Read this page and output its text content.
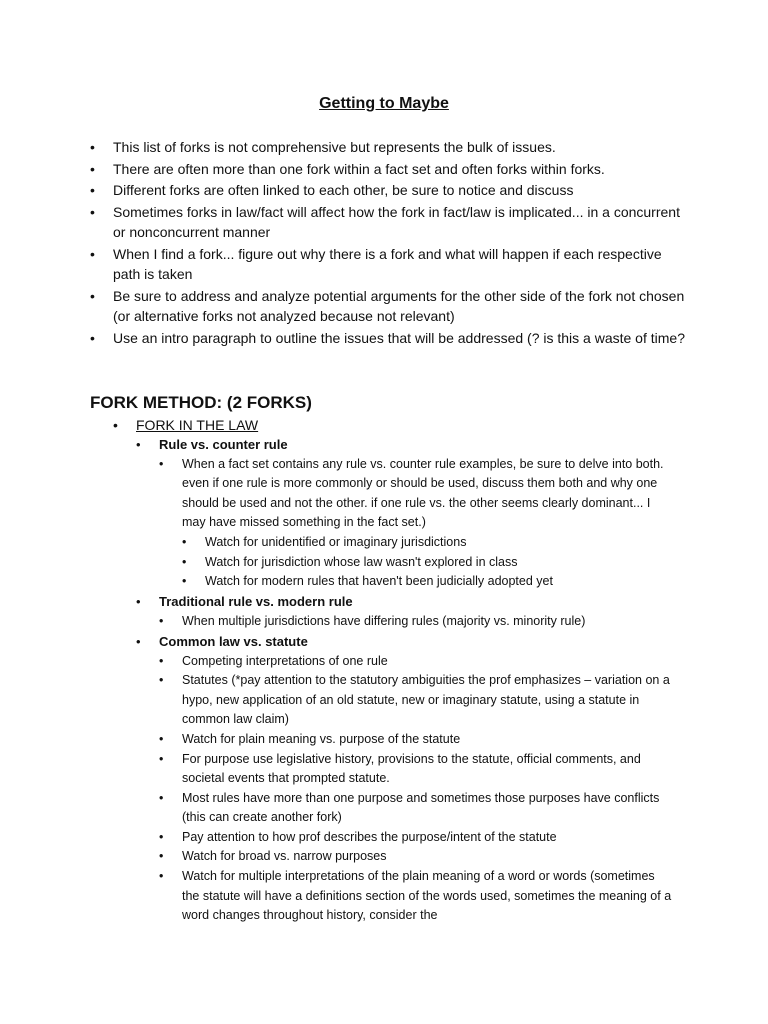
Getting to Maybe
• This list of forks is not comprehensive but represents the bulk of issues.
• There are often more than one fork within a fact set and often forks within forks.
• Different forks are often linked to each other, be sure to notice and discuss
• Sometimes forks in law/fact will affect how the fork in fact/law is implicated... in a concurrent or nonconcurrent manner
• When I find a fork... figure out why there is a fork and what will happen if each respective path is taken
• Be sure to address and analyze potential arguments for the other side of the fork not chosen (or alternative forks not analyzed because not relevant)
• Use an intro paragraph to outline the issues that will be addressed (? is this a waste of time?
FORK METHOD: (2 FORKS)
• FORK IN THE LAW
• Rule vs. counter rule
• When a fact set contains any rule vs. counter rule examples, be sure to delve into both. even if one rule is more commonly or should be used, discuss them both and why one should be used and not the other. if one rule vs. the other seems clearly dominant... I may have missed something in the fact set.)
• Watch for unidentified or imaginary jurisdictions
• Watch for jurisdiction whose law wasn't explored in class
• Watch for modern rules that haven't been judicially adopted yet
• Traditional rule vs. modern rule
• When multiple jurisdictions have differing rules (majority vs. minority rule)
• Common law vs. statute
• Competing interpretations of one rule
• Statutes (*pay attention to the statutory ambiguities the prof emphasizes – variation on a hypo, new application of an old statute, new or imaginary statute, using a statute in common law claim)
• Watch for plain meaning vs. purpose of the statute
• For purpose use legislative history, provisions to the statute, official comments, and societal events that prompted statute.
• Most rules have more than one purpose and sometimes those purposes have conflicts (this can create another fork)
• Pay attention to how prof describes the purpose/intent of the statute
• Watch for broad vs. narrow purposes
• Watch for multiple interpretations of the plain meaning of a word or words (sometimes the statute will have a definitions section of the words used, sometimes the meaning of a word changes throughout history, consider the
